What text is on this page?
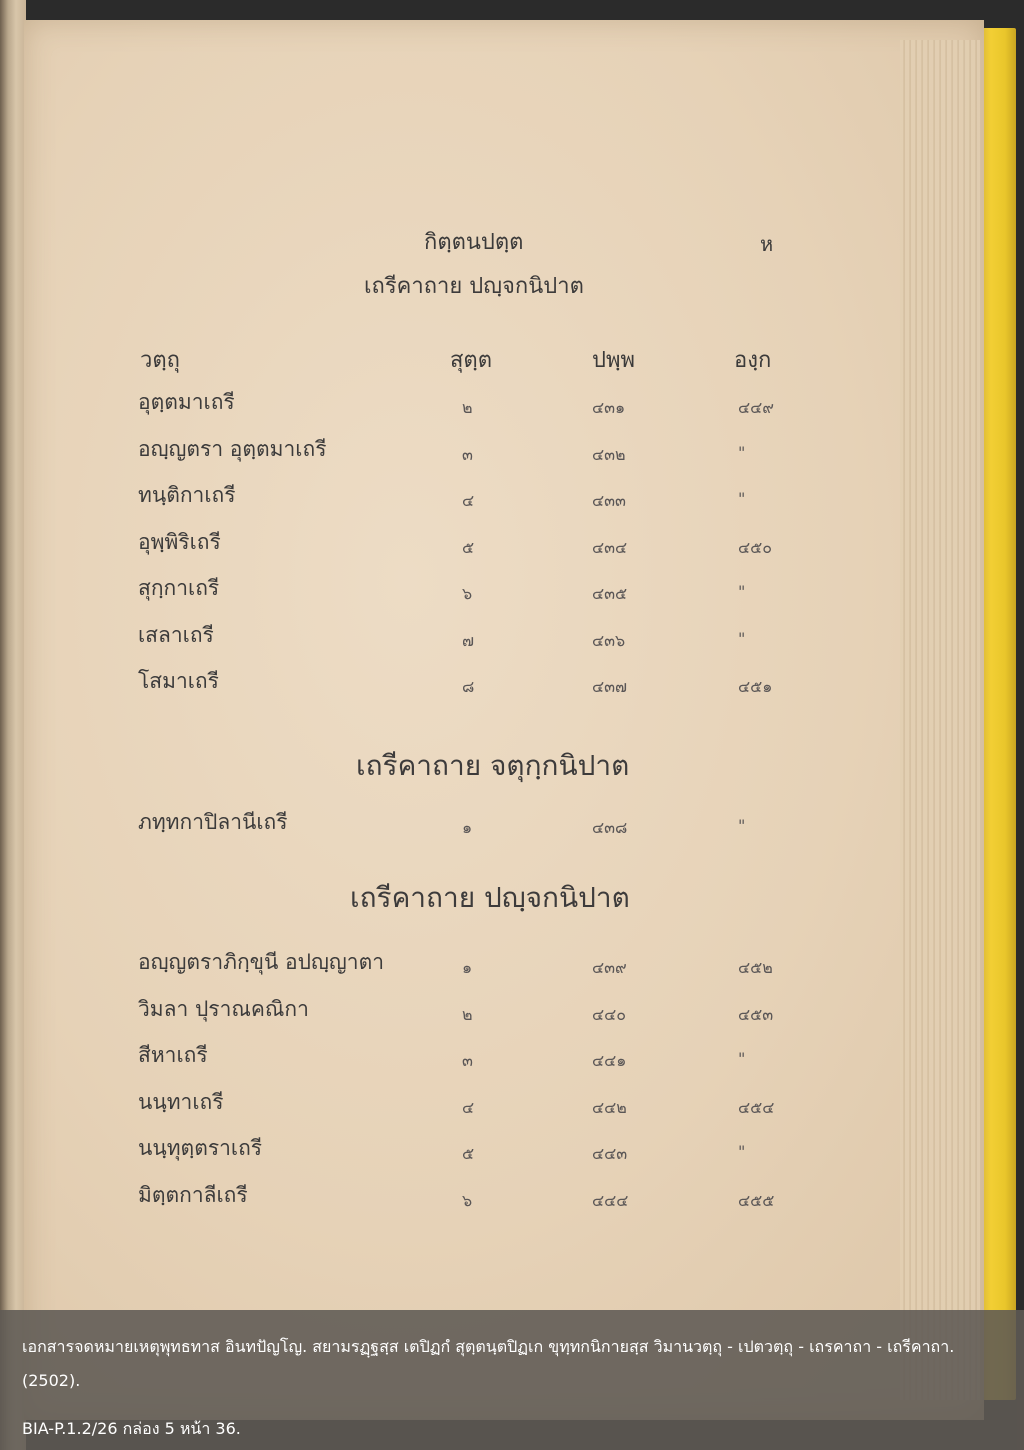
กิตฺตนปตฺต	ห
เถรีคาถาย ปญฺจกนิปาต
วตฺถุ	สุตฺต	ปพฺพ	องฺก
อุตฺตมาเถรี	๒	๔๓๑	๔๔๙
อญฺญตรา อุตฺตมาเถรี	๓	๔๓๒	"
ทนฺติกาเถรี	๔	๔๓๓	"
อุพฺพิริเถรี	๕	๔๓๔	๔๕๐
สุกฺกาเถรี	๖	๔๓๕	"
เสลาเถรี	๗	๔๓๖	"
โสมาเถรี	๘	๔๓๗	๔๕๑
เถรีคาถาย จตุกฺกนิปาต
ภทฺทกาปิลานีเถรี	๑	๔๓๘	"
เถรีคาถาย ปญฺจกนิปาต
อญฺญตราภิกฺขุนี อปญฺญาตา	๑	๔๓๙	๔๕๒
วิมลา ปุราณคณิกา	๒	๔๔๐	๔๕๓
สีหาเถรี	๓	๔๔๑	"
นนฺทาเถรี	๔	๔๔๒	๔๕๔
นนฺทุตฺตราเถรี	๕	๔๔๓	"
มิตฺตกาลีเถรี	๖	๔๔๔	๔๕๕
เอกสารจดหมายเหตุพุทธทาส อินทปัญโญ. สยามรฏฺฐสฺส เตปิฏกํ สุตฺตนฺตปิฏเก ขุทฺทกนิกายสฺส วิมานวตฺถุ - เปตวตฺถุ - เถรคาถา - เถรีคาถา. (2502).
BIA-P.1.2/26 กล่อง 5 หน้า 36.
